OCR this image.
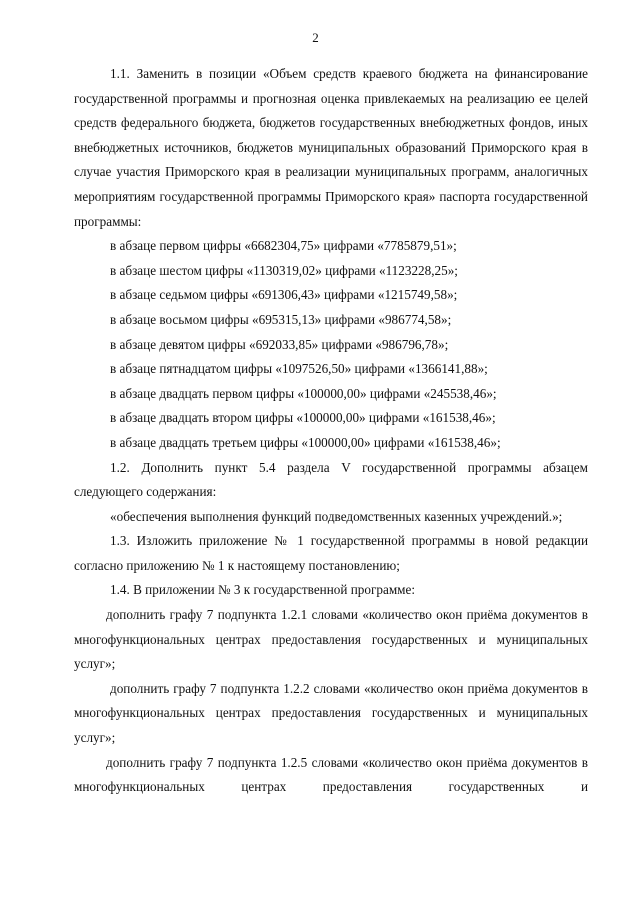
2

1.1. Заменить в позиции «Объем средств краевого бюджета на финансирование государственной программы и прогнозная оценка привлекаемых на реализацию ее целей средств федерального бюджета, бюджетов государственных внебюджетных фондов, иных внебюджетных источников, бюджетов муниципальных образований Приморского края в случае участия Приморского края в реализации муниципальных программ, аналогичных мероприятиям государственной программы Приморского края» паспорта государственной программы:

в абзаце первом цифры «6682304,75» цифрами «7785879,51»;

в абзаце шестом цифры «1130319,02» цифрами «1123228,25»;

в абзаце седьмом цифры «691306,43» цифрами «1215749,58»;

в абзаце восьмом цифры «695315,13» цифрами «986774,58»;

в абзаце девятом цифры «692033,85» цифрами «986796,78»;

в абзаце пятнадцатом цифры «1097526,50» цифрами «1366141,88»;

в абзаце двадцать первом цифры «100000,00» цифрами «245538,46»;

в абзаце двадцать втором цифры «100000,00» цифрами «161538,46»;

в абзаце двадцать третьем цифры «100000,00» цифрами «161538,46»;

1.2. Дополнить пункт 5.4 раздела V государственной программы абзацем следующего содержания:

«обеспечения выполнения функций подведомственных казенных учреждений.»;

1.3. Изложить приложение № 1 государственной программы в новой редакции согласно приложению № 1 к настоящему постановлению;

1.4. В приложении № 3 к государственной программе:

дополнить графу 7 подпункта 1.2.1 словами «количество окон приёма документов в многофункциональных центрах предоставления государственных и муниципальных услуг»;

дополнить графу 7 подпункта 1.2.2 словами «количество окон приёма документов в многофункциональных центрах предоставления государственных и муниципальных услуг»;

дополнить графу 7 подпункта 1.2.5 словами «количество окон приёма документов в многофункциональных центрах предоставления государственных и
